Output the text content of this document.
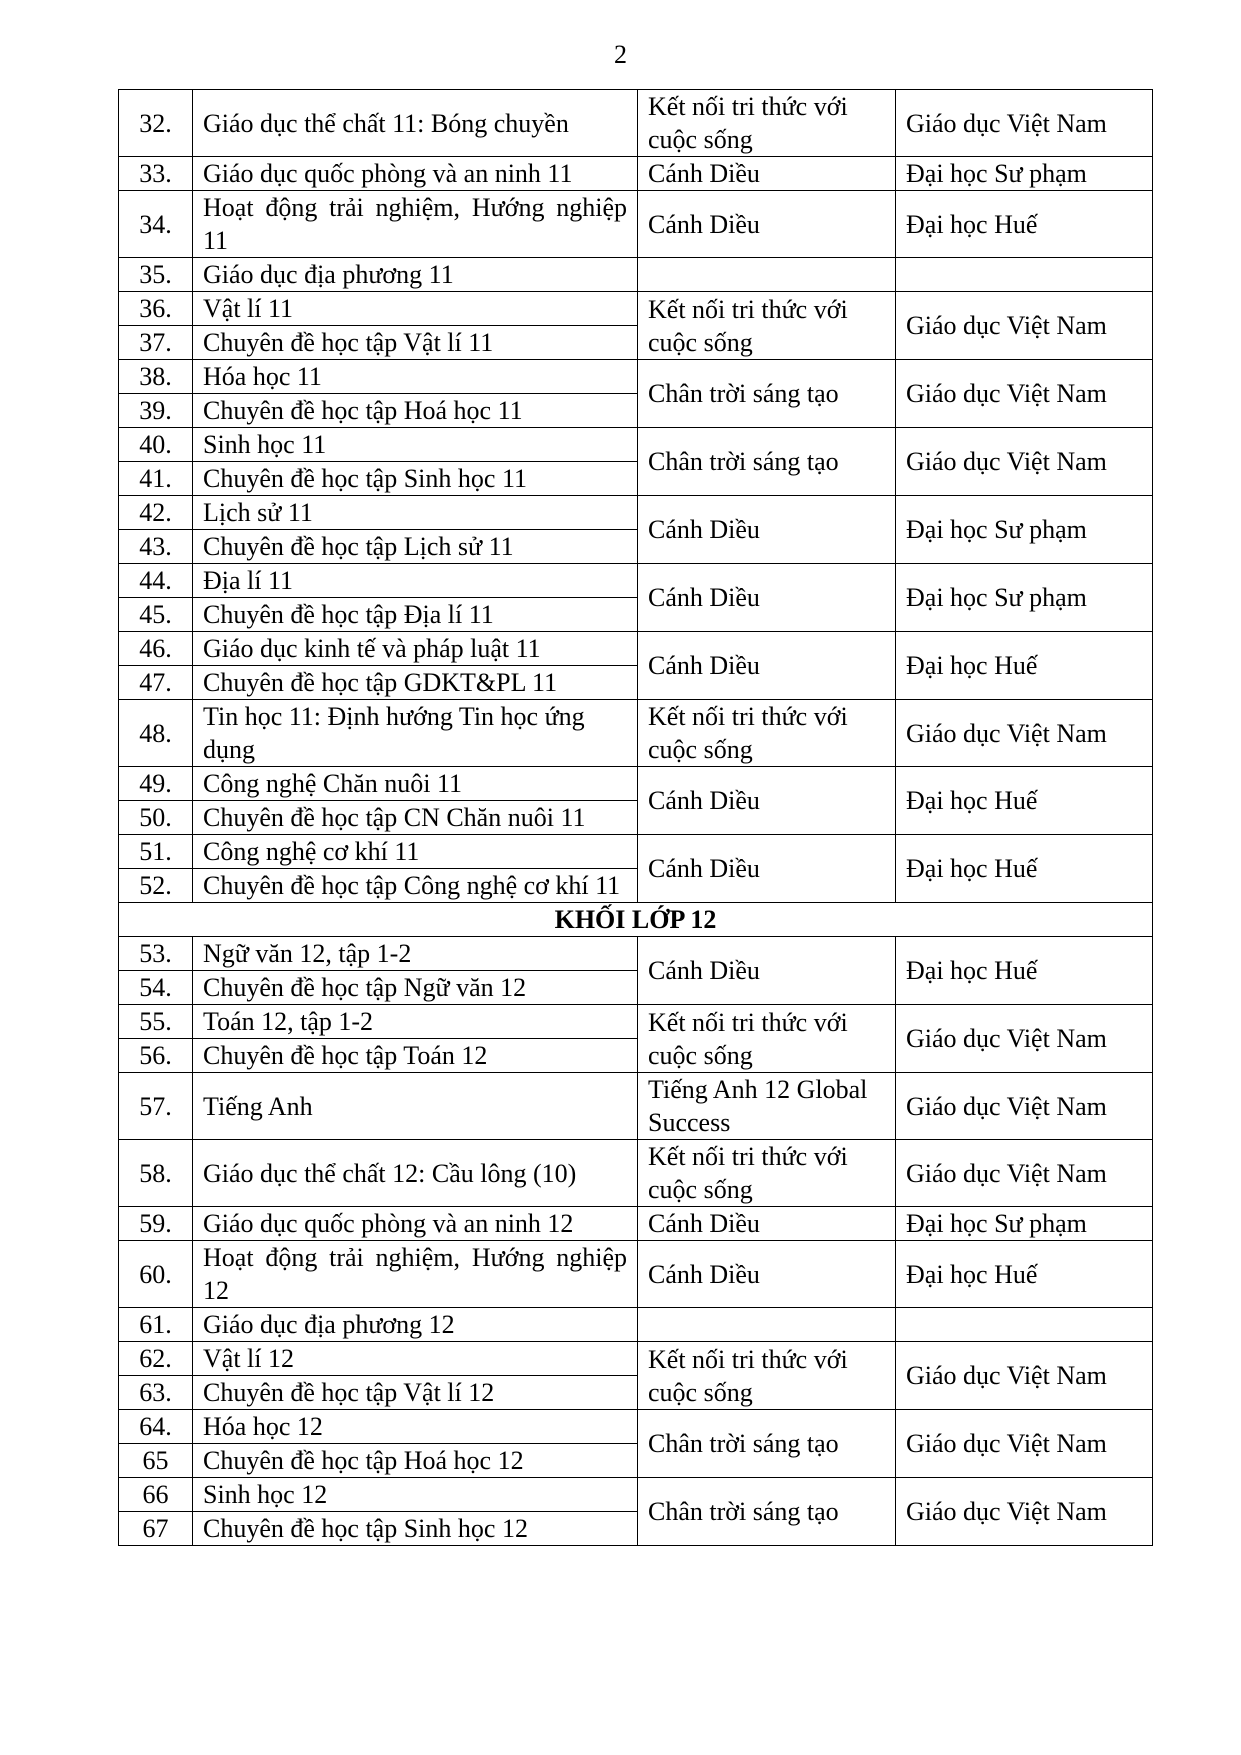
2
32.	Giáo dục thể chất 11: Bóng chuyền	Kết nối tri thức với cuộc sống	Giáo dục Việt Nam
33.	Giáo dục quốc phòng và an ninh 11	Cánh Diều	Đại học Sư phạm
34.	Hoạt động trải nghiệm, Hướng nghiệp 11	Cánh Diều	Đại học Huế
35.	Giáo dục địa phương 11		
36.	Vật lí 11	Kết nối tri thức với cuộc sống	Giáo dục Việt Nam
37.	Chuyên đề học tập Vật lí 11		
38.	Hóa học 11	Chân trời sáng tạo	Giáo dục Việt Nam
39.	Chuyên đề học tập Hoá học 11		
40.	Sinh học 11	Chân trời sáng tạo	Giáo dục Việt Nam
41.	Chuyên đề học tập Sinh học 11		
42.	Lịch sử 11	Cánh Diều	Đại học Sư phạm
43.	Chuyên đề học tập Lịch sử 11		
44.	Địa lí 11	Cánh Diều	Đại học Sư phạm
45.	Chuyên đề học tập Địa lí 11		
46.	Giáo dục kinh tế và pháp luật 11	Cánh Diều	Đại học Huế
47.	Chuyên đề học tập GDKT&PL 11		
48.	Tin học 11: Định hướng Tin học ứng dụng	Kết nối tri thức với cuộc sống	Giáo dục Việt Nam
49.	Công nghệ Chăn nuôi 11	Cánh Diều	Đại học Huế
50.	Chuyên đề học tập CN Chăn nuôi 11		
51.	Công nghệ cơ khí 11	Cánh Diều	Đại học Huế
52.	Chuyên đề học tập Công nghệ cơ khí 11		
KHỐI LỚP 12			
53.	Ngữ văn 12, tập 1-2	Cánh Diều	Đại học Huế
54.	Chuyên đề học tập Ngữ văn 12		
55.	Toán 12, tập 1-2	Kết nối tri thức với cuộc sống	Giáo dục Việt Nam
56.	Chuyên đề học tập Toán 12		
57.	Tiếng Anh	Tiếng Anh 12 Global Success	Giáo dục Việt Nam
58.	Giáo dục thể chất 12: Cầu lông (10)	Kết nối tri thức với cuộc sống	Giáo dục Việt Nam
59.	Giáo dục quốc phòng và an ninh 12	Cánh Diều	Đại học Sư phạm
60.	Hoạt động trải nghiệm, Hướng nghiệp 12	Cánh Diều	Đại học Huế
61.	Giáo dục địa phương 12		
62.	Vật lí 12	Kết nối tri thức với cuộc sống	Giáo dục Việt Nam
63.	Chuyên đề học tập Vật lí 12		
64.	Hóa học 12	Chân trời sáng tạo	Giáo dục Việt Nam
65	Chuyên đề học tập Hoá học 12		
66	Sinh học 12	Chân trời sáng tạo	Giáo dục Việt Nam
67	Chuyên đề học tập Sinh học 12		
